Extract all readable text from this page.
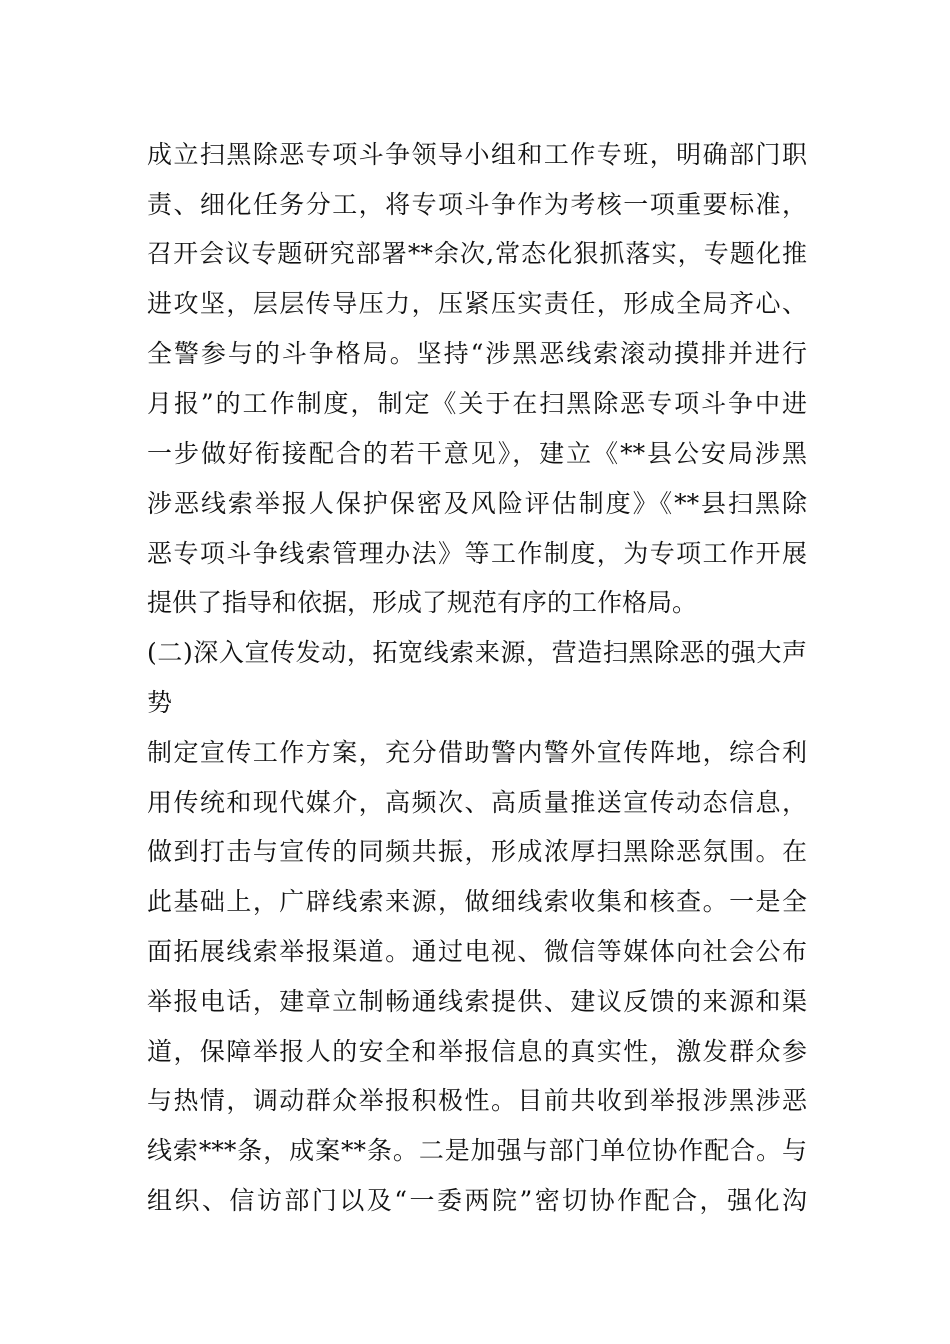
成立扫黑除恶专项斗争领导小组和工作专班，明确部门职
责、细化任务分工，将专项斗争作为考核一项重要标准，
召开会议专题研究部署**余次,常态化狠抓落实，专题化推
进攻坚，层层传导压力，压紧压实责任，形成全局齐心、
全警参与的斗争格局。坚持“涉黑恶线索滚动摸排并进行
月报”的工作制度，制定《关于在扫黑除恶专项斗争中进
一步做好衔接配合的若干意见》，建立《**县公安局涉黑
涉恶线索举报人保护保密及风险评估制度》《**县扫黑除
恶专项斗争线索管理办法》等工作制度，为专项工作开展
提供了指导和依据，形成了规范有序的工作格局。
(二)深入宣传发动，拓宽线索来源，营造扫黑除恶的强大声
势
制定宣传工作方案，充分借助警内警外宣传阵地，综合利
用传统和现代媒介，高频次、高质量推送宣传动态信息，
做到打击与宣传的同频共振，形成浓厚扫黑除恶氛围。在
此基础上，广辟线索来源，做细线索收集和核查。一是全
面拓展线索举报渠道。通过电视、微信等媒体向社会公布
举报电话，建章立制畅通线索提供、建议反馈的来源和渠
道，保障举报人的安全和举报信息的真实性，激发群众参
与热情，调动群众举报积极性。目前共收到举报涉黑涉恶
线索***条，成案**条。二是加强与部门单位协作配合。与
组织、信访部门以及“一委两院”密切协作配合，强化沟
